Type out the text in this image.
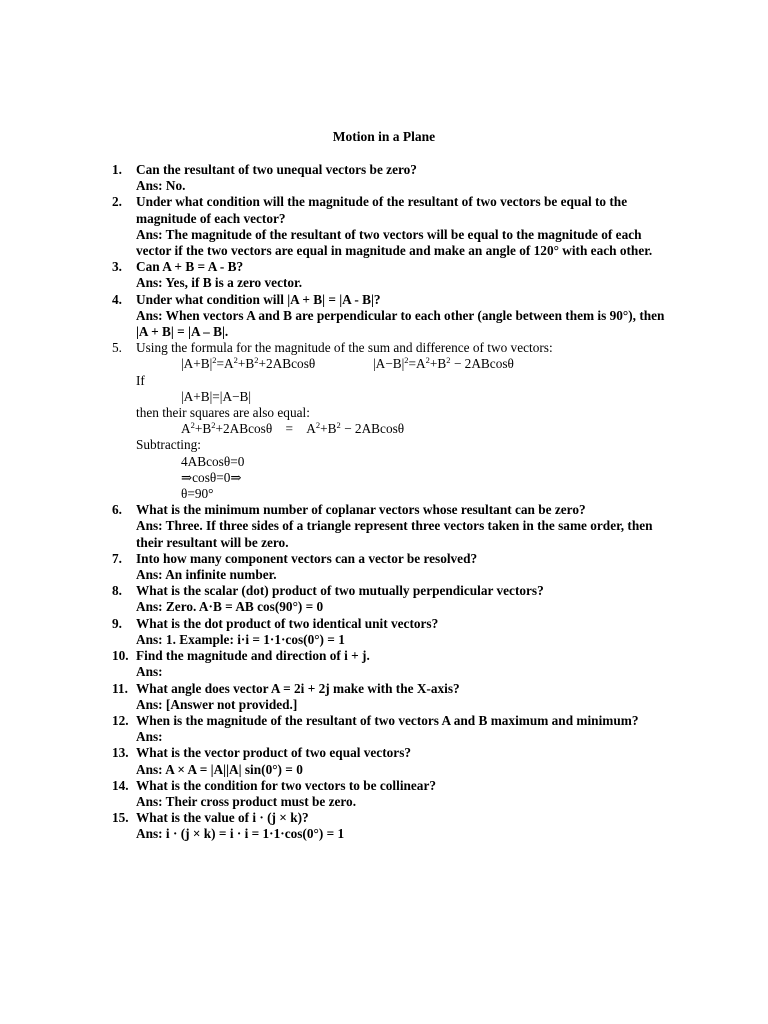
Motion in a Plane
1.	Can the resultant of two unequal vectors be zero?
Ans: No.
2.	Under what condition will the magnitude of the resultant of two vectors be equal to the magnitude of each vector?
Ans: The magnitude of the resultant of two vectors will be equal to the magnitude of each vector if the two vectors are equal in magnitude and make an angle of 120° with each other.
3.	Can A + B = A - B?
Ans: Yes, if B is a zero vector.
4.	Under what condition will |A + B| = |A - B|?
Ans: When vectors A and B are perpendicular to each other (angle between them is 90°), then |A + B| = |A – B|.
5.	Using the formula for the magnitude of the sum and difference of two vectors:
$|A+B|^2=A^2+B^2+2ABcos\theta$	$|A-B|^2=A^2+B^2 - 2ABcos\theta$
If
|A+B|=|A−B|
then their squares are also equal:
$A^2+B^2+2ABcos\theta$    =    $A^2+B^2 - 2ABcos\theta$
Subtracting:
4ABcosθ=0
⇒cosθ=0⇒
θ=90°
6.	What is the minimum number of coplanar vectors whose resultant can be zero?
Ans: Three. If three sides of a triangle represent three vectors taken in the same order, then their resultant will be zero.
7.	Into how many component vectors can a vector be resolved?
Ans: An infinite number.
8.	What is the scalar (dot) product of two mutually perpendicular vectors?
Ans: Zero. A·B = AB cos(90°) = 0
9.	What is the dot product of two identical unit vectors?
Ans: 1. Example: i·i = 1·1·cos(0°) = 1
10. Find the magnitude and direction of i + j.
Ans:
11. What angle does vector A = 2i + 2j make with the X-axis?
Ans: [Answer not provided.]
12. When is the magnitude of the resultant of two vectors A and B maximum and minimum?
Ans:
13. What is the vector product of two equal vectors?
Ans: A × A = |A||A| sin(0°) = 0
14. What is the condition for two vectors to be collinear?
Ans: Their cross product must be zero.
15. What is the value of i · (j × k)?
Ans: i · (j × k) = i · i = 1·1·cos(0°) = 1
